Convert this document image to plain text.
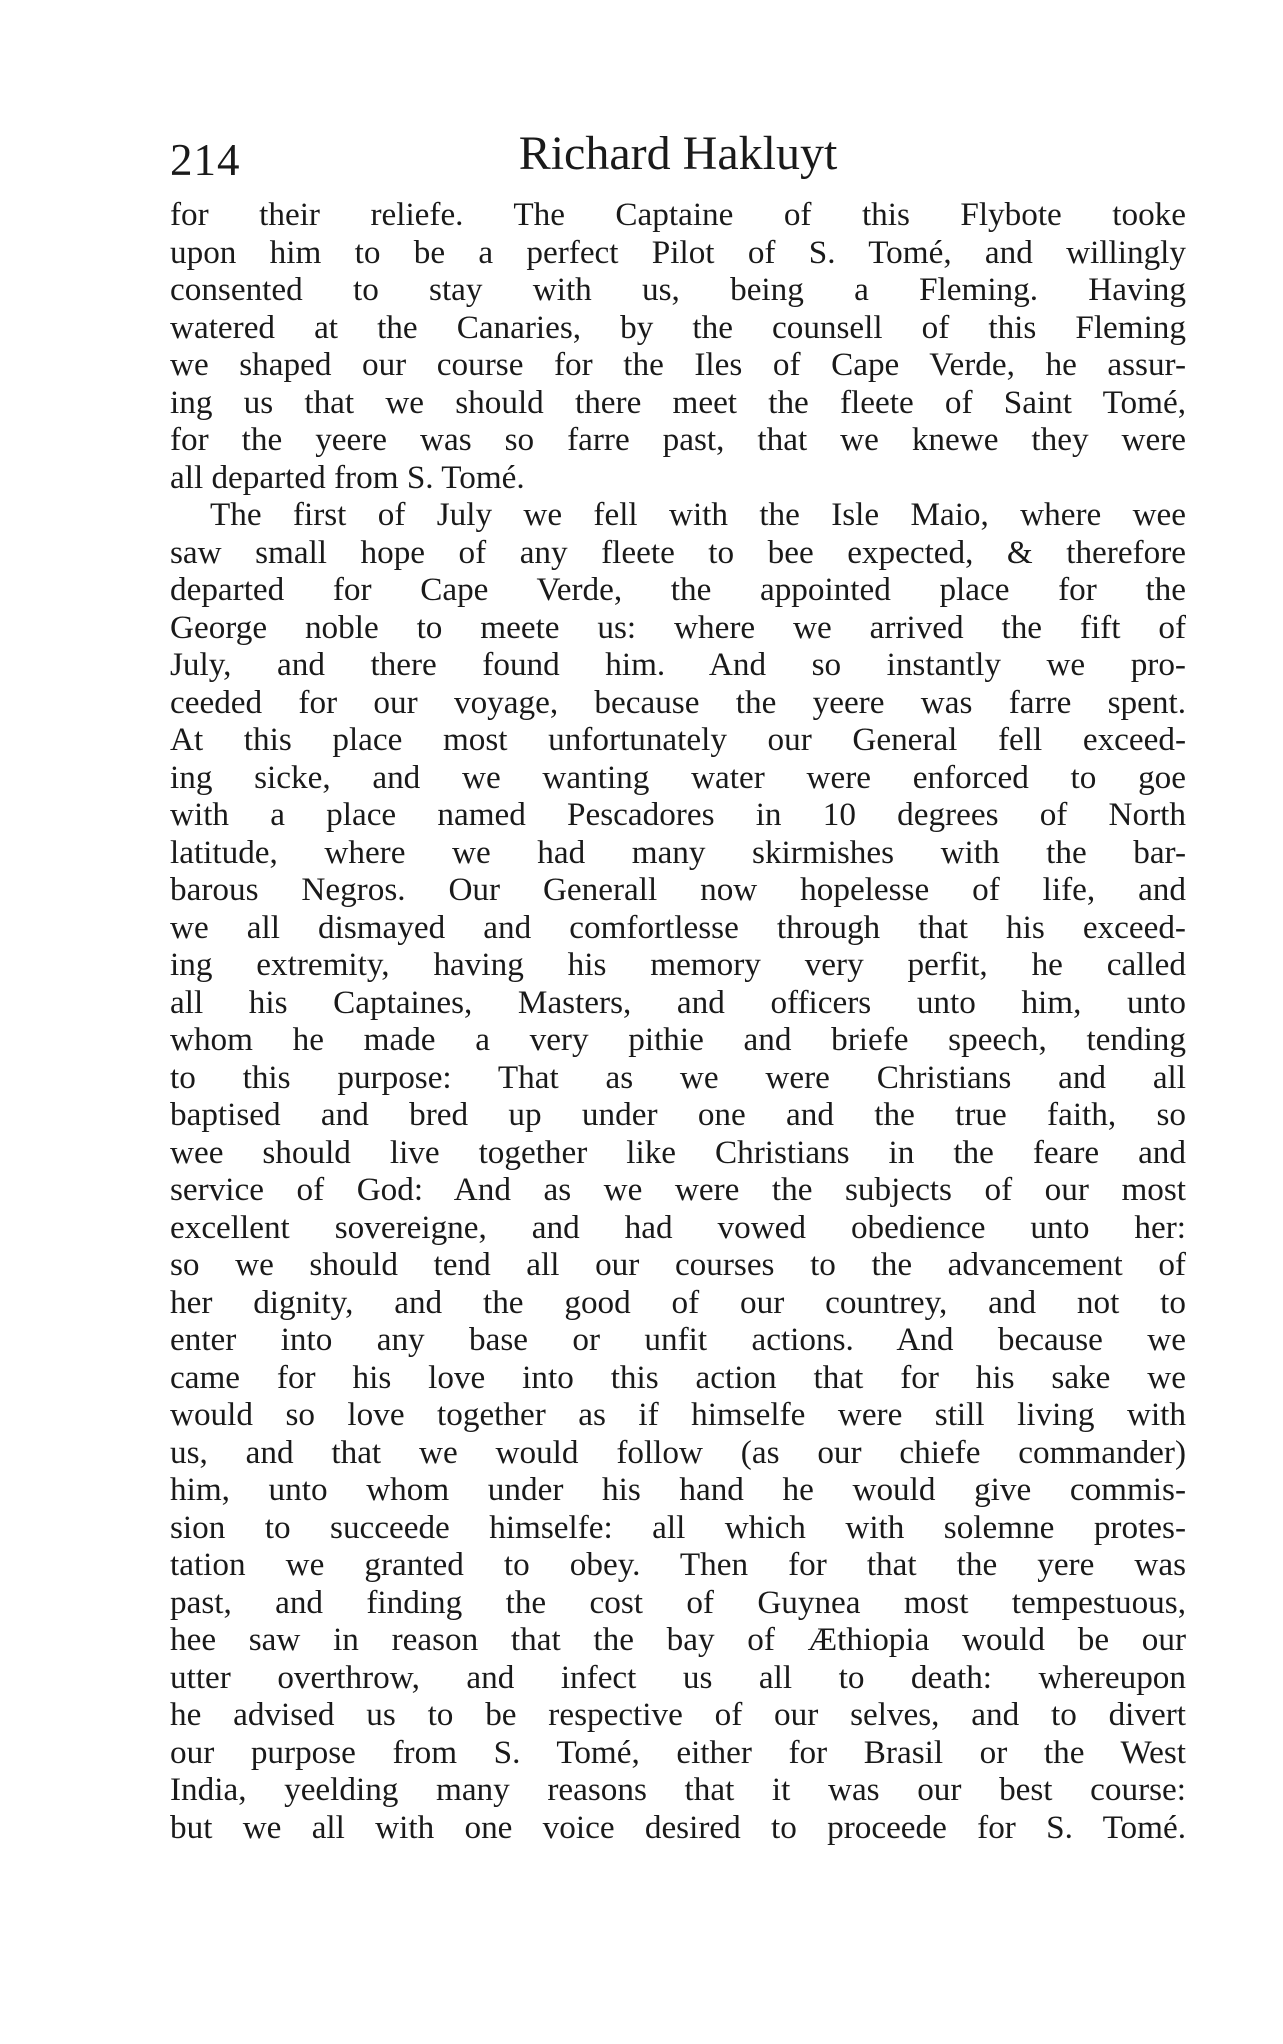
214	Richard Hakluyt
for their reliefe. The Captaine of this Flybote tooke
upon him to be a perfect Pilot of S. Tomé, and willingly
consented to stay with us, being a Fleming. Having
watered at the Canaries, by the counsell of this Fleming
we shaped our course for the Iles of Cape Verde, he assur-
ing us that we should there meet the fleete of Saint Tomé,
for the yeere was so farre past, that we knewe they were
all departed from S. Tomé.
The first of July we fell with the Isle Maio, where wee
saw small hope of any fleete to bee expected, & therefore
departed for Cape Verde, the appointed place for the
George noble to meete us: where we arrived the fift of
July, and there found him. And so instantly we pro-
ceeded for our voyage, because the yeere was farre spent.
At this place most unfortunately our General fell exceed-
ing sicke, and we wanting water were enforced to goe
with a place named Pescadores in 10 degrees of North
latitude, where we had many skirmishes with the bar-
barous Negros. Our Generall now hopelesse of life, and
we all dismayed and comfortlesse through that his exceed-
ing extremity, having his memory very perfit, he called
all his Captaines, Masters, and officers unto him, unto
whom he made a very pithie and briefe speech, tending
to this purpose: That as we were Christians and all
baptised and bred up under one and the true faith, so
wee should live together like Christians in the feare and
service of God: And as we were the subjects of our most
excellent sovereigne, and had vowed obedience unto her:
so we should tend all our courses to the advancement of
her dignity, and the good of our countrey, and not to
enter into any base or unfit actions. And because we
came for his love into this action that for his sake we
would so love together as if himselfe were still living with
us, and that we would follow (as our chiefe commander)
him, unto whom under his hand he would give commis-
sion to succeede himselfe: all which with solemne protes-
tation we granted to obey. Then for that the yere was
past, and finding the cost of Guynea most tempestuous,
hee saw in reason that the bay of Æthiopia would be our
utter overthrow, and infect us all to death: whereupon
he advised us to be respective of our selves, and to divert
our purpose from S. Tomé, either for Brasil or the West
India, yeelding many reasons that it was our best course:
but we all with one voice desired to proceede for S. Tomé.
